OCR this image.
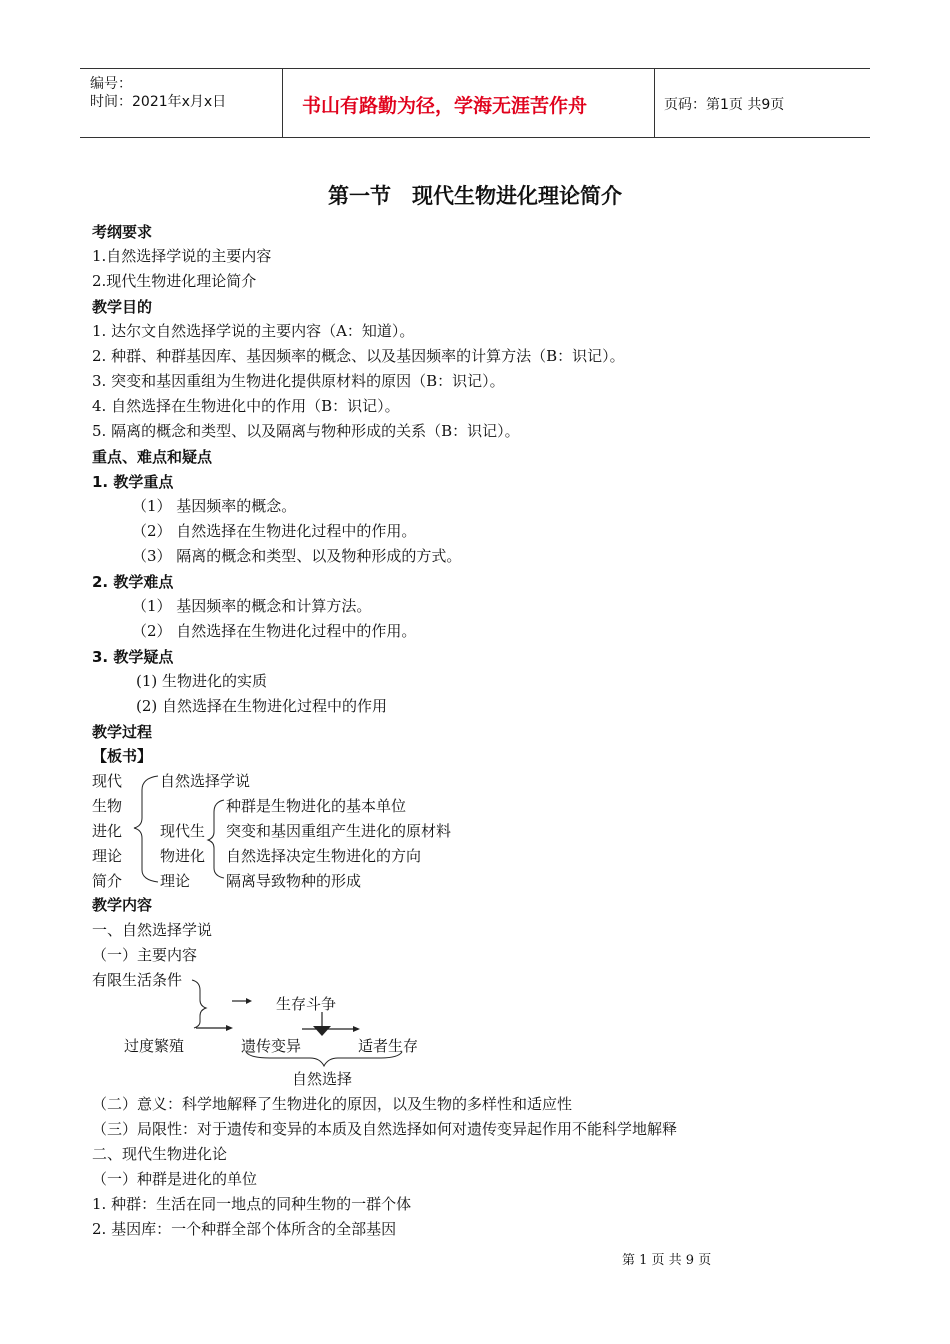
编号：
时间：2021年x月x日	书山有路勤为径，学海无涯苦作舟	页码：第1页 共9页
第一节　现代生物进化理论简介
考纲要求
1.自然选择学说的主要内容
2.现代生物进化理论简介
教学目的
1. 达尔文自然选择学说的主要内容（A：知道）。
2. 种群、种群基因库、基因频率的概念、以及基因频率的计算方法（B：识记）。
3. 突变和基因重组为生物进化提供原材料的原因（B：识记）。
4. 自然选择在生物进化中的作用（B：识记）。
5. 隔离的概念和类型、以及隔离与物种形成的关系（B：识记）。
重点、难点和疑点
1. 教学重点
（1） 基因频率的概念。
（2） 自然选择在生物进化过程中的作用。
（3） 隔离的概念和类型、以及物种形成的方式。
2. 教学难点
（1） 基因频率的概念和计算方法。
（2） 自然选择在生物进化过程中的作用。
3. 教学疑点
(1) 生物进化的实质
(2) 自然选择在生物进化过程中的作用
教学过程
【板书】
现代
生物
进化
理论
简介
自然选择学说
现代生
物进化
理论
种群是生物进化的基本单位
突变和基因重组产生进化的原材料
自然选择决定生物进化的方向
隔离导致物种的形成
教学内容
一、自然选择学说
（一）主要内容
有限生活条件
生存斗争
过度繁殖	遗传变异	适者生存
自然选择
（二）意义：科学地解释了生物进化的原因，以及生物的多样性和适应性
（三）局限性：对于遗传和变异的本质及自然选择如何对遗传变异起作用不能科学地解释
二、现代生物进化论
（一）种群是进化的单位
1. 种群：生活在同一地点的同种生物的一群个体
2. 基因库：一个种群全部个体所含的全部基因
第 1 页 共 9 页
